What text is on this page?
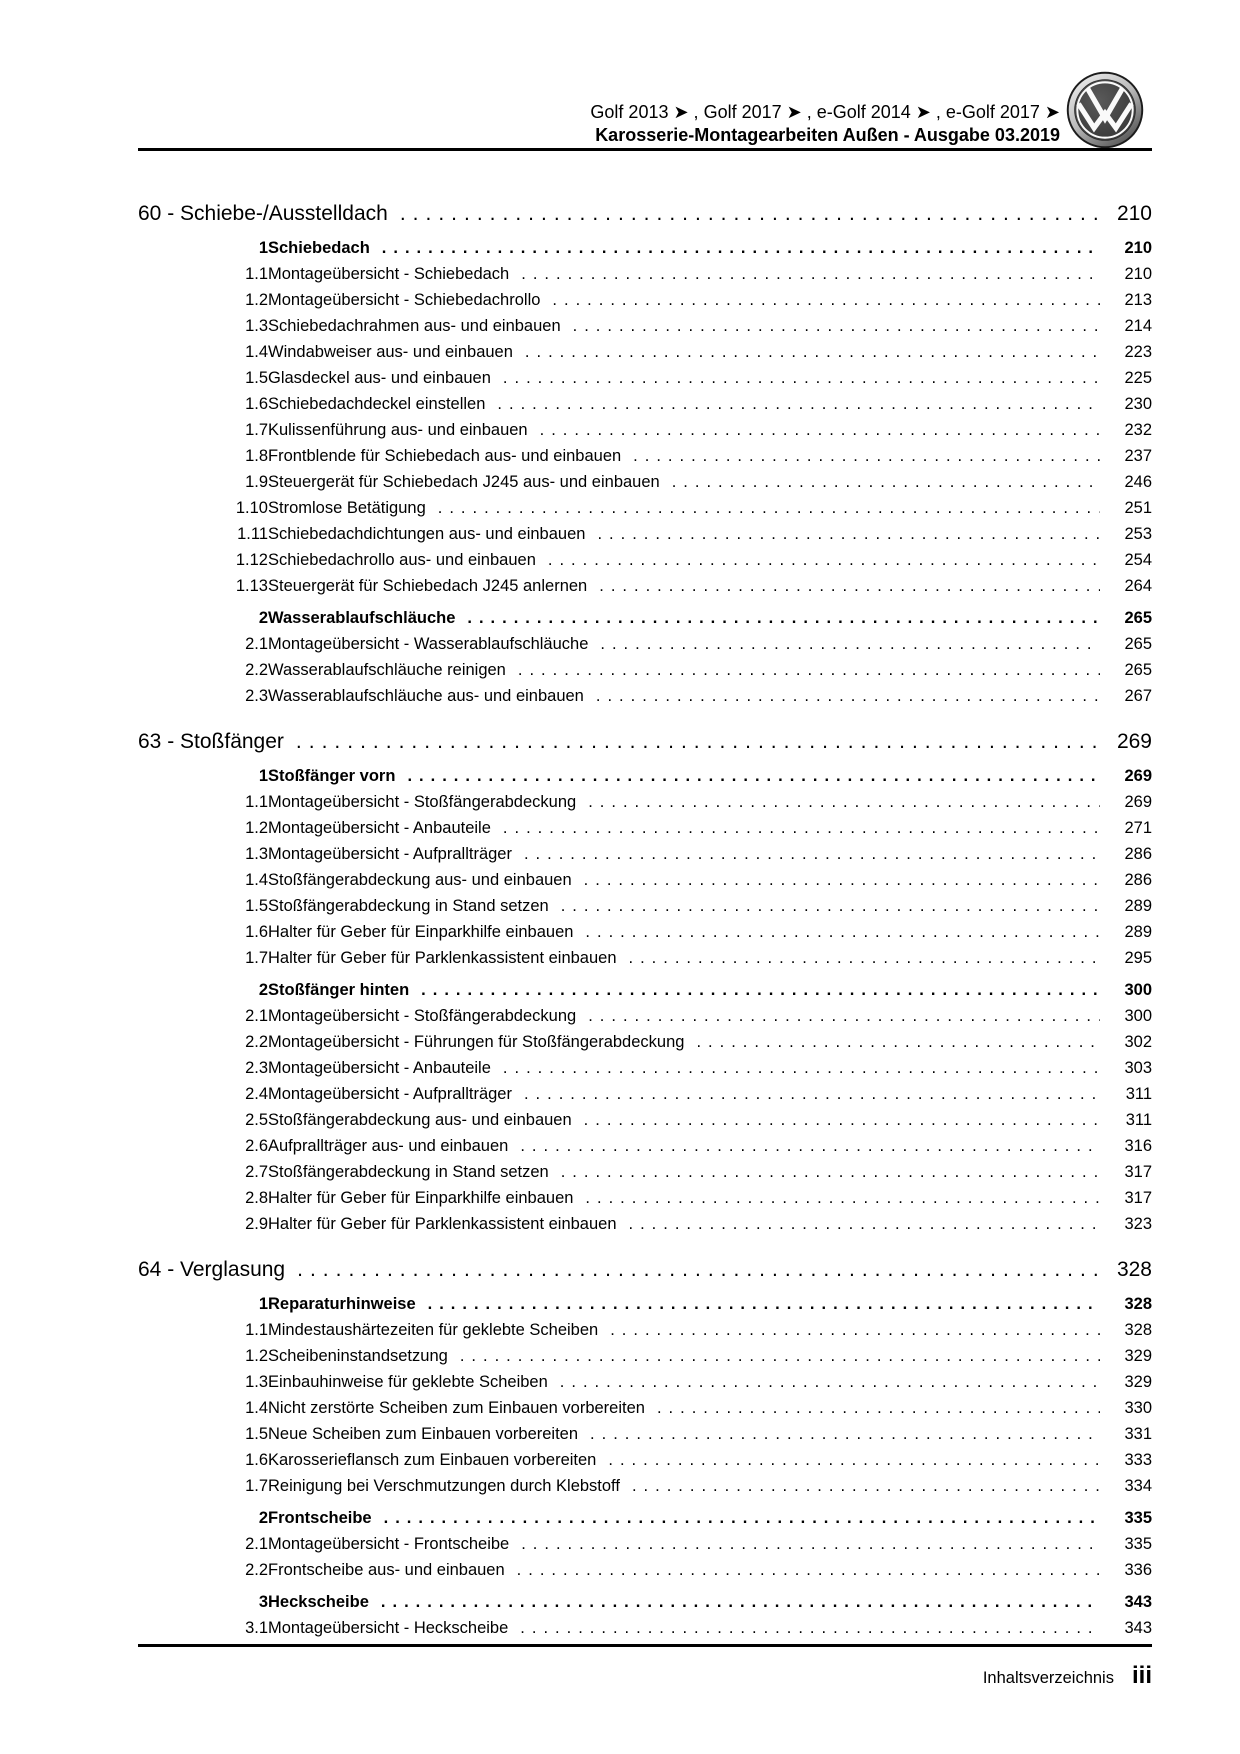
Golf 2013 ➤ , Golf 2017 ➤ , e-Golf 2014 ➤ , e-Golf 2017 ➤
Karosserie-Montagearbeiten Außen - Ausgabe 03.2019
60 - Schiebe-/Ausstelldach .....	210
1 Schiebedach .....	210
1.1 Montageübersicht - Schiebedach .....	210
1.2 Montageübersicht - Schiebedachrollo .....	213
1.3 Schiebedachrahmen aus- und einbauen .....	214
1.4 Windabweiser aus- und einbauen .....	223
1.5 Glasdeckel aus- und einbauen .....	225
1.6 Schiebedachdeckel einstellen .....	230
1.7 Kulissenführung aus- und einbauen .....	232
1.8 Frontblende für Schiebedach aus- und einbauen .....	237
1.9 Steuergerät für Schiebedach J245 aus- und einbauen .....	246
1.10 Stromlose Betätigung .....	251
1.11 Schiebedachdichtungen aus- und einbauen .....	253
1.12 Schiebedachrollo aus- und einbauen .....	254
1.13 Steuergerät für Schiebedach J245 anlernen .....	264
2 Wasserablaufschläuche .....	265
2.1 Montageübersicht - Wasserablaufschläuche .....	265
2.2 Wasserablaufschläuche reinigen .....	265
2.3 Wasserablaufschläuche aus- und einbauen .....	267
63 - Stoßfänger .....	269
1 Stoßfänger vorn .....	269
1.1 Montageübersicht - Stoßfängerabdeckung .....	269
1.2 Montageübersicht - Anbauteile .....	271
1.3 Montageübersicht - Aufprallträger .....	286
1.4 Stoßfängerabdeckung aus- und einbauen .....	286
1.5 Stoßfängerabdeckung in Stand setzen .....	289
1.6 Halter für Geber für Einparkhilfe einbauen .....	289
1.7 Halter für Geber für Parklenkassistent einbauen .....	295
2 Stoßfänger hinten .....	300
2.1 Montageübersicht - Stoßfängerabdeckung .....	300
2.2 Montageübersicht - Führungen für Stoßfängerabdeckung .....	302
2.3 Montageübersicht - Anbauteile .....	303
2.4 Montageübersicht - Aufprallträger .....	311
2.5 Stoßfängerabdeckung aus- und einbauen .....	311
2.6 Aufprallträger aus- und einbauen .....	316
2.7 Stoßfängerabdeckung in Stand setzen .....	317
2.8 Halter für Geber für Einparkhilfe einbauen .....	317
2.9 Halter für Geber für Parklenkassistent einbauen .....	323
64 - Verglasung .....	328
1 Reparaturhinweise .....	328
1.1 Mindestaushärtezeiten für geklebte Scheiben .....	328
1.2 Scheibeninstandsetzung .....	329
1.3 Einbauhinweise für geklebte Scheiben .....	329
1.4 Nicht zerstörte Scheiben zum Einbauen vorbereiten .....	330
1.5 Neue Scheiben zum Einbauen vorbereiten .....	331
1.6 Karosserieflansch zum Einbauen vorbereiten .....	333
1.7 Reinigung bei Verschmutzungen durch Klebstoff .....	334
2 Frontscheibe .....	335
2.1 Montageübersicht - Frontscheibe .....	335
2.2 Frontscheibe aus- und einbauen .....	336
3 Heckscheibe .....	343
3.1 Montageübersicht - Heckscheibe .....	343
Inhaltsverzeichnis iii
